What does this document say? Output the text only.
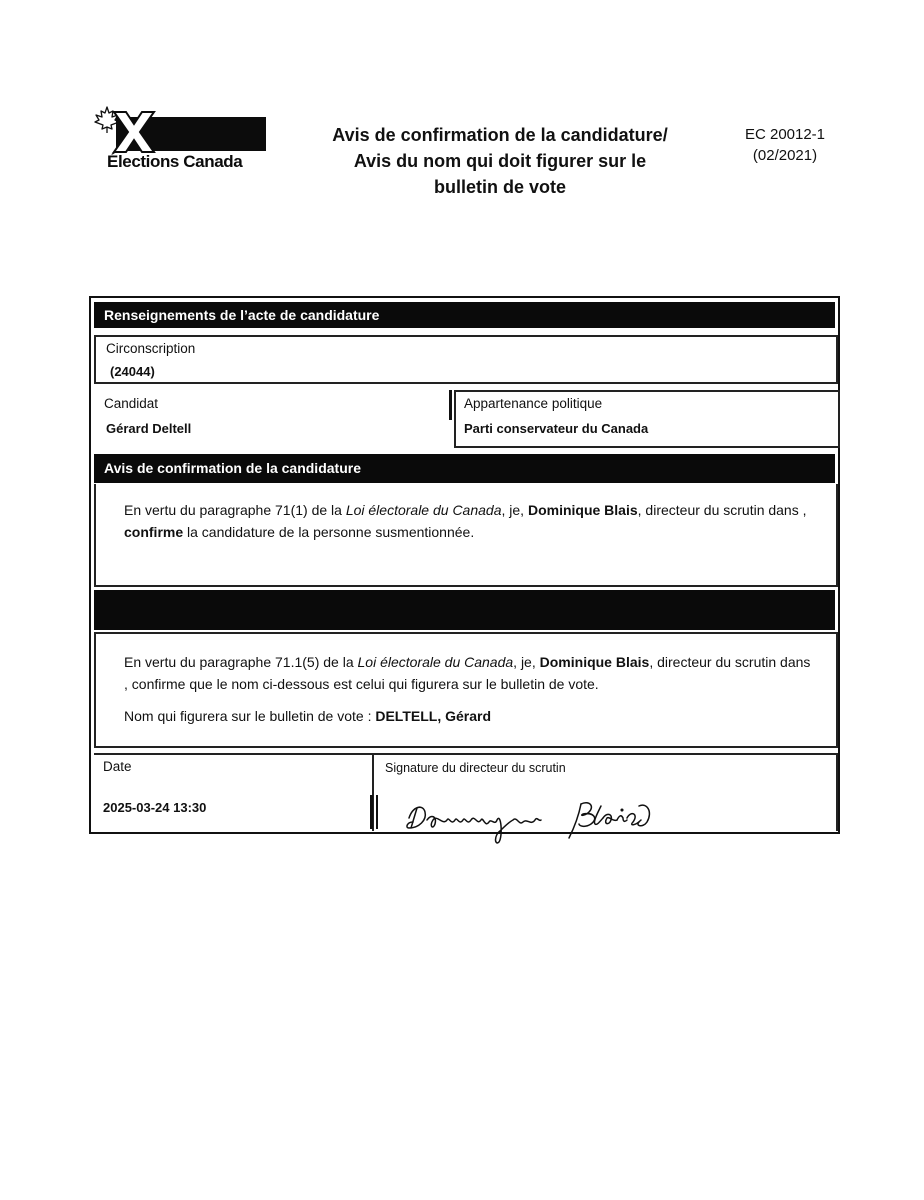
Élections Canada
Avis de confirmation de la candidature/
Avis du nom qui doit figurer sur le
bulletin de vote
EC 20012-1
(02/2021)
Renseignements de l’acte de candidature
Circonscription
(24044)
Candidat
Gérard Deltell
Appartenance politique
Parti conservateur du Canada
Avis de confirmation de la candidature
En vertu du paragraphe 71(1) de la Loi électorale du Canada, je, Dominique Blais, directeur du scrutin dans ,
confirme la candidature de la personne susmentionnée.
En vertu du paragraphe 71.1(5) de la Loi électorale du Canada, je, Dominique Blais, directeur du scrutin dans
, confirme que le nom ci-dessous est celui qui figurera sur le bulletin de vote.
Nom qui figurera sur le bulletin de vote : DELTELL, Gérard
Date
2025-03-24 13:30
Signature du directeur du scrutin
